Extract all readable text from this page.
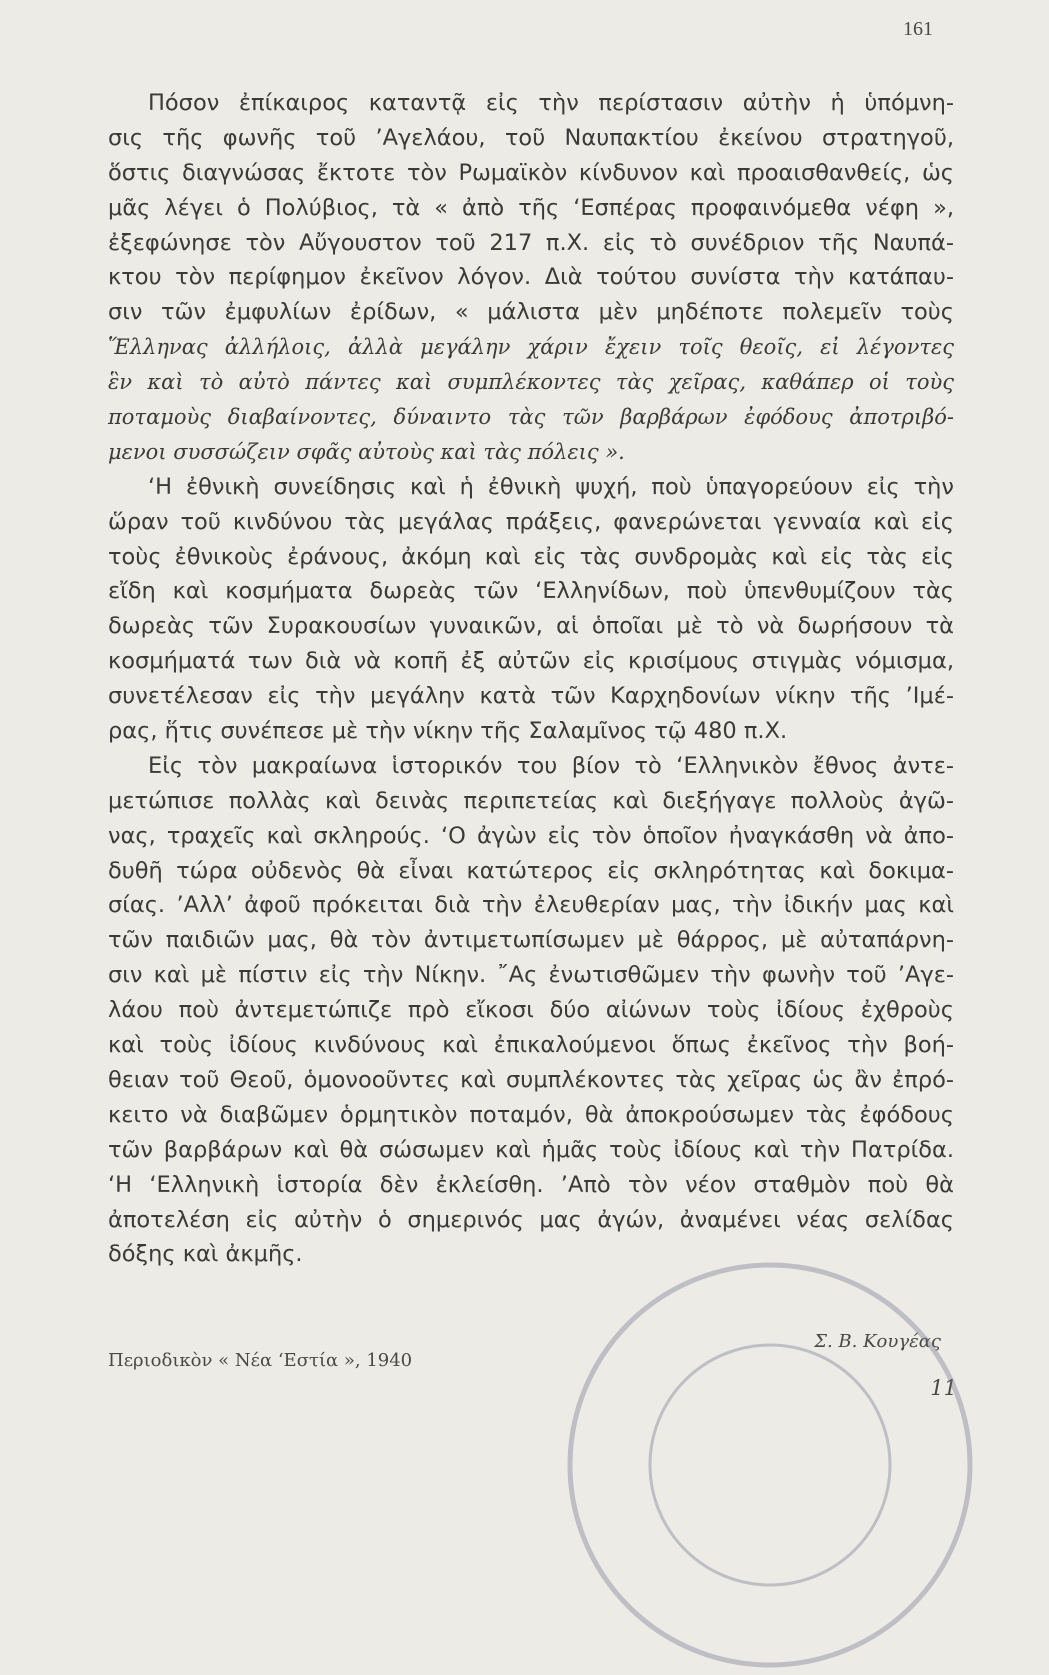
161
Πόσον ἐπίκαιρος καταντᾷ εἰς τὴν περίστασιν αὐτὴν ἡ ὑπόμνη-
σις τῆς φωνῆς τοῦ ’Αγελάου, τοῦ Ναυπακτίου ἐκείνου στρατηγοῦ,
ὅστις διαγνώσας ἔκτοτε τὸν Ρωμαϊκὸν κίνδυνον καὶ προαισθανθείς, ὡς
μᾶς λέγει ὁ Πολύβιος, τὰ « ἀπὸ τῆς ‘Εσπέρας προφαινόμεθα νέφη »,
ἐξεφώνησε τὸν Αὔγουστον τοῦ 217 π.Χ. εἰς τὸ συνέδριον τῆς Ναυπά-
κτου τὸν περίφημον ἐκεῖνον λόγον. Διὰ τούτου συνίστα τὴν κατάπαυ-
σιν τῶν ἐμφυλίων ἐρίδων, « μάλιστα μὲν μηδέποτε πολεμεῖν τοὺς
Ἕλληνας ἀλλήλοις, ἀλλὰ μεγάλην χάριν ἔχειν τοῖς θεοῖς, εἰ λέγοντες
ἓν καὶ τὸ αὐτὸ πάντες καὶ συμπλέκοντες τὰς χεῖρας, καθάπερ οἱ τοὺς
ποταμοὺς διαβαίνοντες, δύναιντο τὰς τῶν βαρβάρων ἐφόδους ἀποτριβό-
μενοι συσσώζειν σφᾶς αὐτοὺς καὶ τὰς πόλεις ».
‘Η ἐθνικὴ συνείδησις καὶ ἡ ἐθνικὴ ψυχή, ποὺ ὑπαγορεύουν εἰς τὴν
ὥραν τοῦ κινδύνου τὰς μεγάλας πράξεις, φανερώνεται γενναία καὶ εἰς
τοὺς ἐθνικοὺς ἐράνους, ἀκόμη καὶ εἰς τὰς συνδρομὰς καὶ εἰς τὰς εἰς
εἴδη καὶ κοσμήματα δωρεὰς τῶν ‘Ελληνίδων, ποὺ ὑπενθυμίζουν τὰς
δωρεὰς τῶν Συρακουσίων γυναικῶν, αἱ ὁποῖαι μὲ τὸ νὰ δωρήσουν τὰ
κοσμήματά των διὰ νὰ κοπῆ ἐξ αὐτῶν εἰς κρισίμους στιγμὰς νόμισμα,
συνετέλεσαν εἰς τὴν μεγάλην κατὰ τῶν Καρχηδονίων νίκην τῆς ’Ιμέ-
ρας, ἥτις συνέπεσε μὲ τὴν νίκην τῆς Σαλαμῖνος τῷ 480 π.Χ.
Εἰς τὸν μακραίωνα ἱστορικόν του βίον τὸ ‘Ελληνικὸν ἔθνος ἀντε-
μετώπισε πολλὰς καὶ δεινὰς περιπετείας καὶ διεξήγαγε πολλοὺς ἀγῶ-
νας, τραχεῖς καὶ σκληρούς. ‘Ο ἀγὼν εἰς τὸν ὁποῖον ἠναγκάσθη νὰ ἀπο-
δυθῆ τώρα οὐδενὸς θὰ εἶναι κατώτερος εἰς σκληρότητας καὶ δοκιμα-
σίας. ’Αλλ’ ἀφοῦ πρόκειται διὰ τὴν ἐλευθερίαν μας, τὴν ἰδικήν μας καὶ
τῶν παιδιῶν μας, θὰ τὸν ἀντιμετωπίσωμεν μὲ θάρρος, μὲ αὐταπάρνη-
σιν καὶ μὲ πίστιν εἰς τὴν Νίκην. ῎Ας ἐνωτισθῶμεν τὴν φωνὴν τοῦ ’Αγε-
λάου ποὺ ἀντεμετώπιζε πρὸ εἴκοσι δύο αἰώνων τοὺς ἰδίους ἐχθροὺς
καὶ τοὺς ἰδίους κινδύνους καὶ ἐπικαλούμενοι ὅπως ἐκεῖνος τὴν βοή-
θειαν τοῦ Θεοῦ, ὁμονοοῦντες καὶ συμπλέκοντες τὰς χεῖρας ὡς ἂν ἐπρό-
κειτο νὰ διαβῶμεν ὁρμητικὸν ποταμόν, θὰ ἀποκρούσωμεν τὰς ἐφόδους
τῶν βαρβάρων καὶ θὰ σώσωμεν καὶ ἡμᾶς τοὺς ἰδίους καὶ τὴν Πατρίδα.
‘Η ‘Ελληνικὴ ἱστορία δὲν ἐκλείσθη. ’Απὸ τὸν νέον σταθμὸν ποὺ θὰ
ἀποτελέση εἰς αὐτὴν ὁ σημερινός μας ἀγών, ἀναμένει νέας σελίδας
δόξης καὶ ἀκμῆς.
Περιοδικὸν « Νέα ‘Εστία », 1940
Σ. Β. Κουγέας
11
